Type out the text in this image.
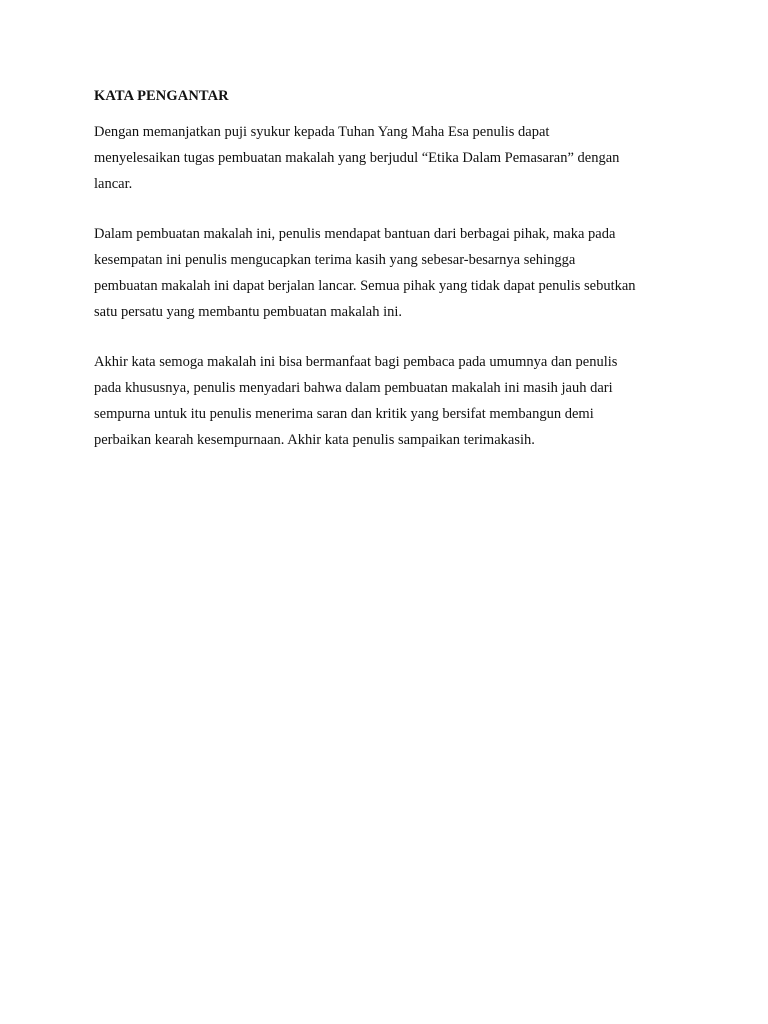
KATA PENGANTAR
Dengan memanjatkan puji syukur kepada Tuhan Yang Maha Esa penulis dapat
menyelesaikan tugas pembuatan makalah yang berjudul “Etika Dalam Pemasaran” dengan
lancar.
Dalam pembuatan makalah ini, penulis mendapat bantuan dari berbagai pihak, maka pada
kesempatan ini penulis mengucapkan terima kasih yang sebesar-besarnya sehingga
pembuatan makalah ini dapat berjalan lancar. Semua pihak yang tidak dapat penulis sebutkan
satu persatu yang membantu pembuatan makalah ini.
Akhir kata semoga makalah ini bisa bermanfaat bagi pembaca pada umumnya dan penulis
pada khususnya, penulis menyadari bahwa dalam pembuatan makalah ini masih jauh dari
sempurna untuk itu penulis menerima saran dan kritik yang bersifat membangun demi
perbaikan kearah kesempurnaan. Akhir kata penulis sampaikan terimakasih.
